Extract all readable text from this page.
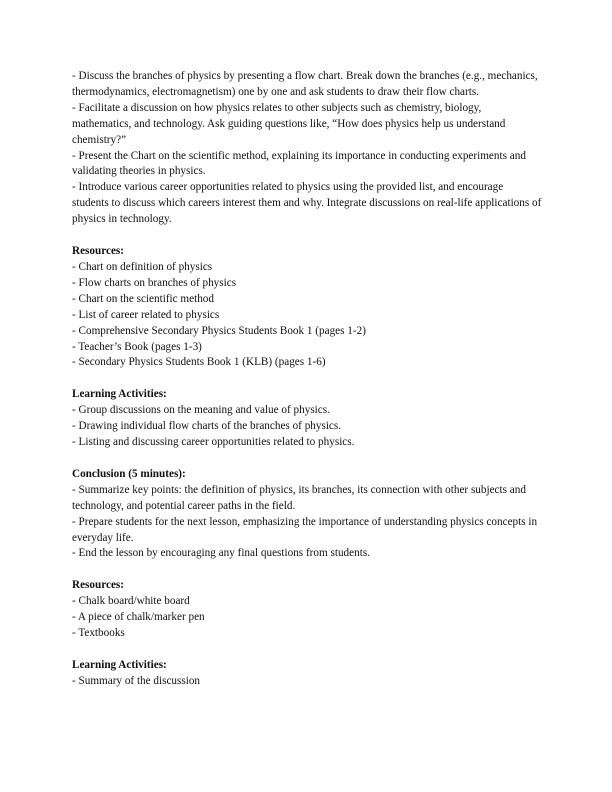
- Discuss the branches of physics by presenting a flow chart. Break down the branches (e.g., mechanics, thermodynamics, electromagnetism) one by one and ask students to draw their flow charts.

- Facilitate a discussion on how physics relates to other subjects such as chemistry, biology, mathematics, and technology. Ask guiding questions like, “How does physics help us understand chemistry?”

- Present the Chart on the scientific method, explaining its importance in conducting experiments and validating theories in physics.

- Introduce various career opportunities related to physics using the provided list, and encourage students to discuss which careers interest them and why. Integrate discussions on real-life applications of physics in technology.

Resources:

- Chart on definition of physics

- Flow charts on branches of physics

- Chart on the scientific method

- List of career related to physics

- Comprehensive Secondary Physics Students Book 1 (pages 1-2)

- Teacher’s Book (pages 1-3)

- Secondary Physics Students Book 1 (KLB) (pages 1-6)

Learning Activities:

- Group discussions on the meaning and value of physics.

- Drawing individual flow charts of the branches of physics.

- Listing and discussing career opportunities related to physics.

Conclusion (5 minutes):

- Summarize key points: the definition of physics, its branches, its connection with other subjects and technology, and potential career paths in the field.

- Prepare students for the next lesson, emphasizing the importance of understanding physics concepts in everyday life.

- End the lesson by encouraging any final questions from students.

Resources:

- Chalk board/white board

- A piece of chalk/marker pen

- Textbooks

Learning Activities:

- Summary of the discussion
